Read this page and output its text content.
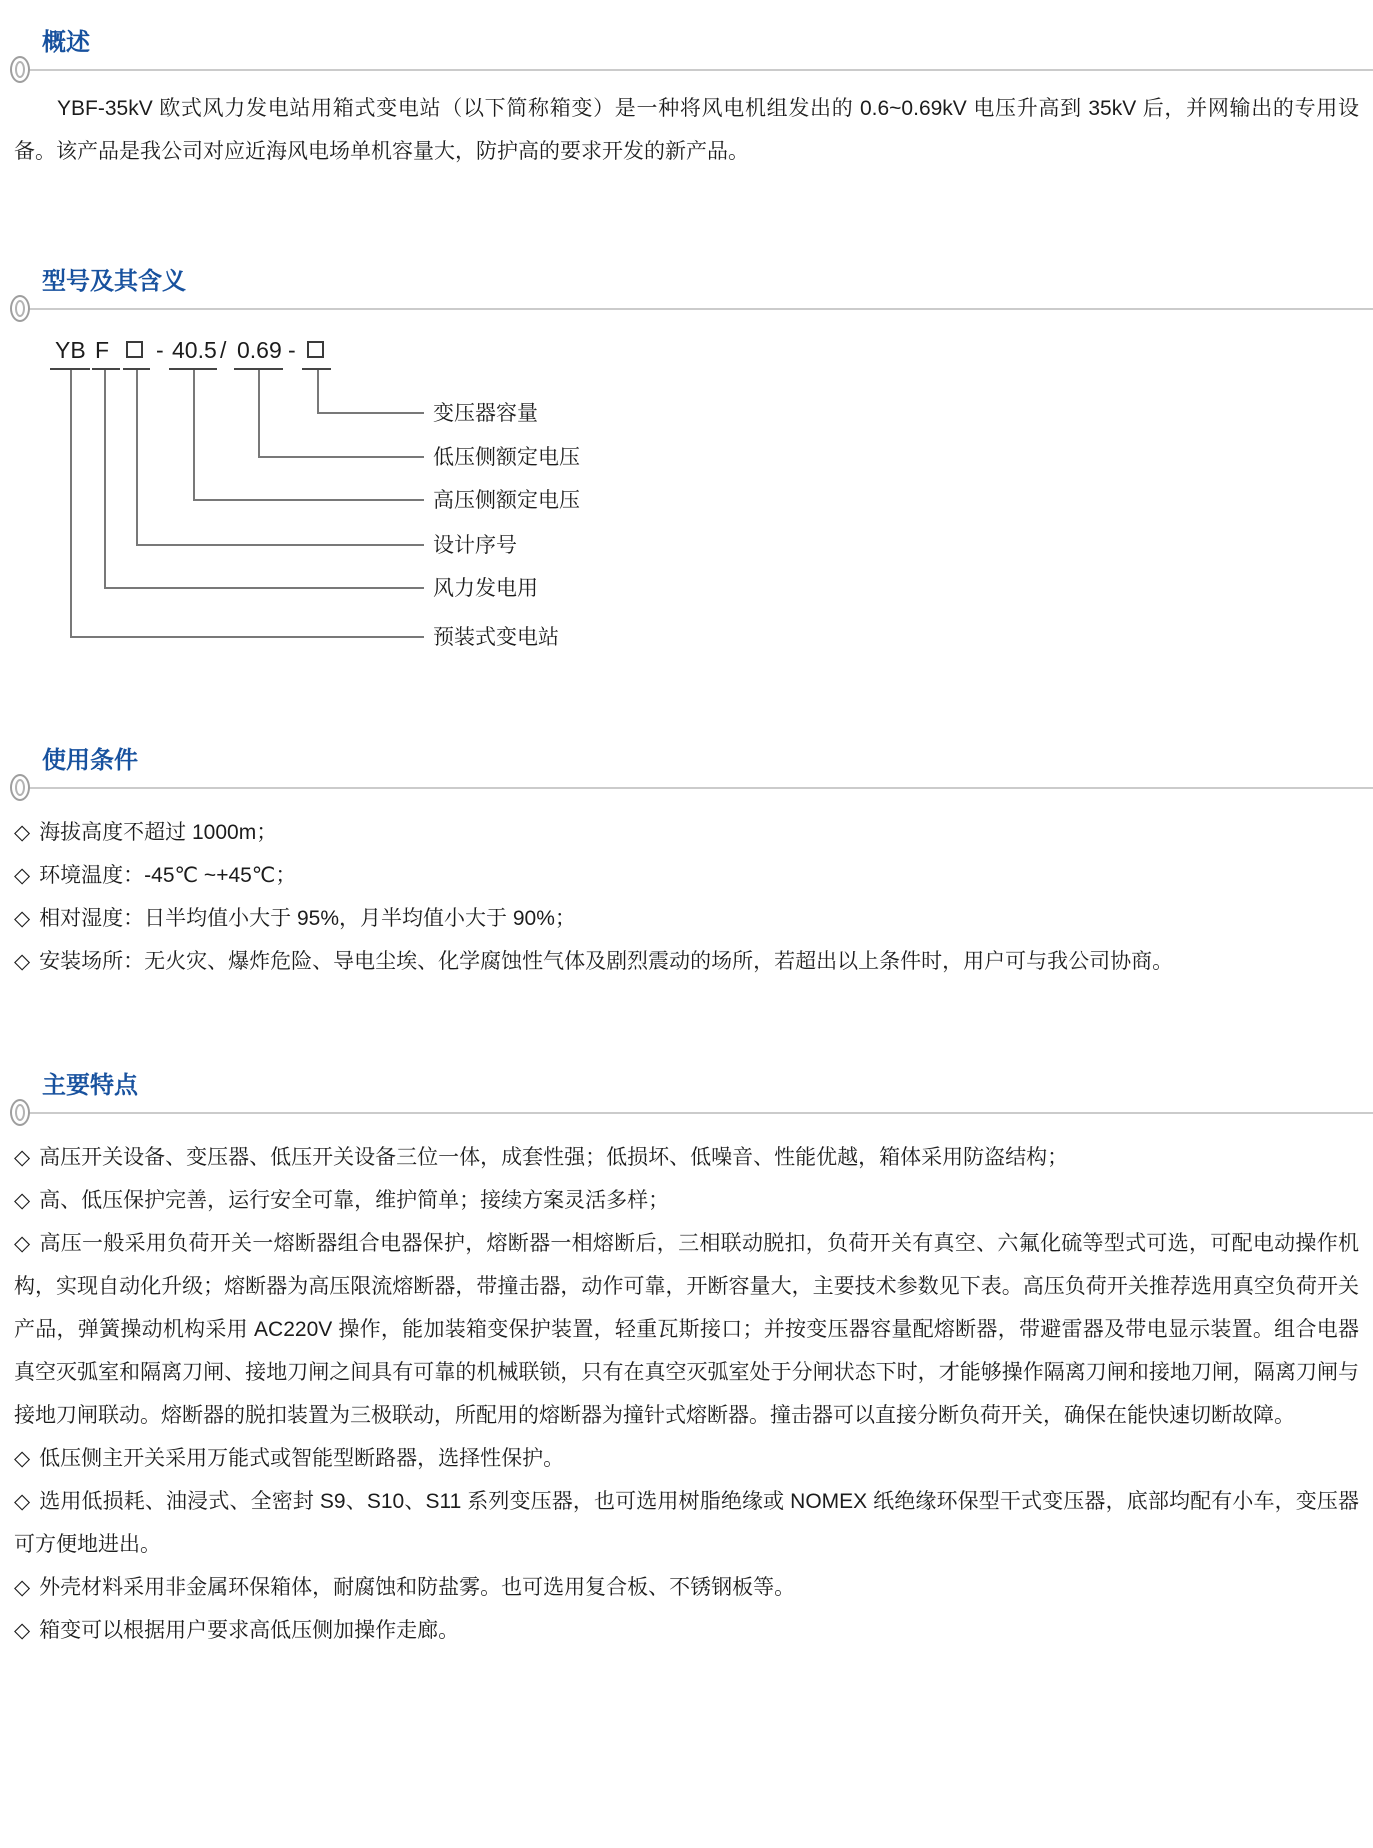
概述

YBF-35kV 欧式风力发电站用箱式变电站（以下简称箱变）是一种将风电机组发出的 0.6~0.69kV 电压升高到 35kV 后，并网输出的专用设备。该产品是我公司对应近海风电场单机容量大，防护高的要求开发的新产品。

型号及其含义
YB F - 40.5 / 0.69 -
变压器容量
低压侧额定电压
高压侧额定电压
设计序号
风力发电用
预装式变电站
使用条件

◇ 海拔高度不超过 1000m；

◇ 环境温度：-45℃ ~+45℃；

◇ 相对湿度：日半均值小大于 95%，月半均值小大于 90%；

◇ 安装场所：无火灾、爆炸危险、导电尘埃、化学腐蚀性气体及剧烈震动的场所，若超出以上条件时，用户可与我公司协商。

主要特点

◇ 高压开关设备、变压器、低压开关设备三位一体，成套性强；低损坏、低噪音、性能优越，箱体采用防盗结构；

◇ 高、低压保护完善，运行安全可靠，维护简单；接续方案灵活多样；

◇ 高压一般采用负荷开关一熔断器组合电器保护，熔断器一相熔断后，三相联动脱扣，负荷开关有真空、六氟化硫等型式可选，可配电动操作机构，实现自动化升级；熔断器为高压限流熔断器，带撞击器，动作可靠，开断容量大，主要技术参数见下表。高压负荷开关推荐选用真空负荷开关产品，弹簧操动机构采用 AC220V 操作，能加装箱变保护装置，轻重瓦斯接口；并按变压器容量配熔断器，带避雷器及带电显示装置。组合电器真空灭弧室和隔离刀闸、接地刀闸之间具有可靠的机械联锁，只有在真空灭弧室处于分闸状态下时，才能够操作隔离刀闸和接地刀闸，隔离刀闸与接地刀闸联动。熔断器的脱扣装置为三极联动，所配用的熔断器为撞针式熔断器。撞击器可以直接分断负荷开关，确保在能快速切断故障。

◇ 低压侧主开关采用万能式或智能型断路器，选择性保护。

◇ 选用低损耗、油浸式、全密封 S9、S10、S11 系列变压器，也可选用树脂绝缘或 NOMEX 纸绝缘环保型干式变压器，底部均配有小车，变压器可方便地进出。

◇ 外壳材料采用非金属环保箱体，耐腐蚀和防盐雾。也可选用复合板、不锈钢板等。

◇ 箱变可以根据用户要求高低压侧加操作走廊。
